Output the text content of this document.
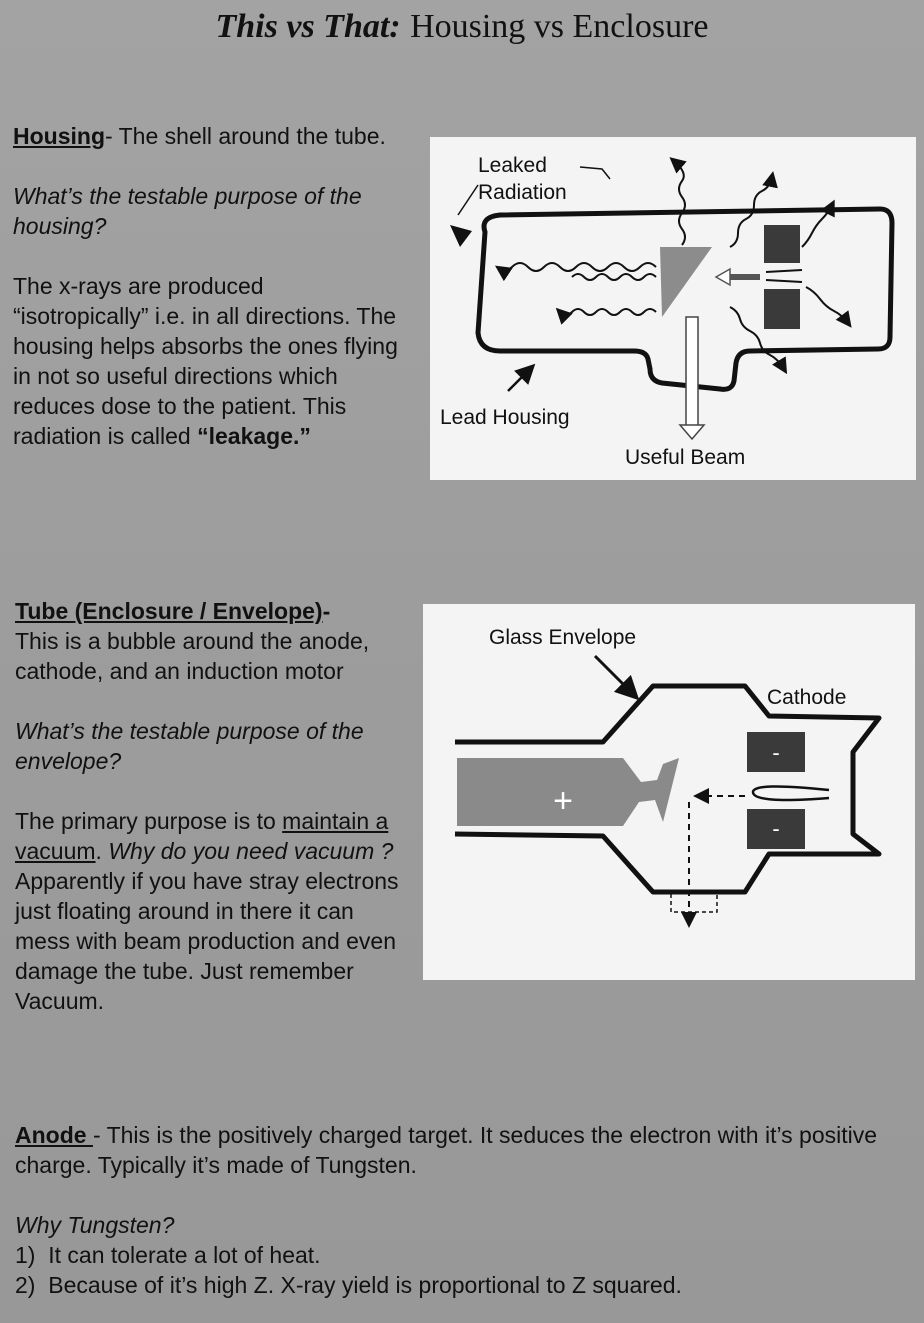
This vs That: Housing vs Enclosure

Housing- The shell around the tube.

What’s the testable purpose of the housing?

The x-rays are produced “isotropically” i.e. in all directions. The housing helps absorbs the ones flying in not so useful directions which reduces dose to the patient. This radiation is called “leakage.”

Leaked
Radiation
Lead Housing
Useful Beam

Tube (Enclosure / Envelope)-

This is a bubble around the anode, cathode, and an induction motor

What’s the testable purpose of the envelope?

The primary purpose is to maintain a vacuum. Why do you need vacuum ? Apparently if you have stray electrons just floating around in there it can mess with beam production and even damage the tube. Just remember Vacuum.

+
-
-
Glass Envelope
Cathode

Anode - This is the positively charged target. It seduces the electron with it’s positive charge. Typically it’s made of Tungsten.

Why Tungsten?

1) It can tolerate a lot of heat.

2) Because of it’s high Z. X-ray yield is proportional to Z squared.
